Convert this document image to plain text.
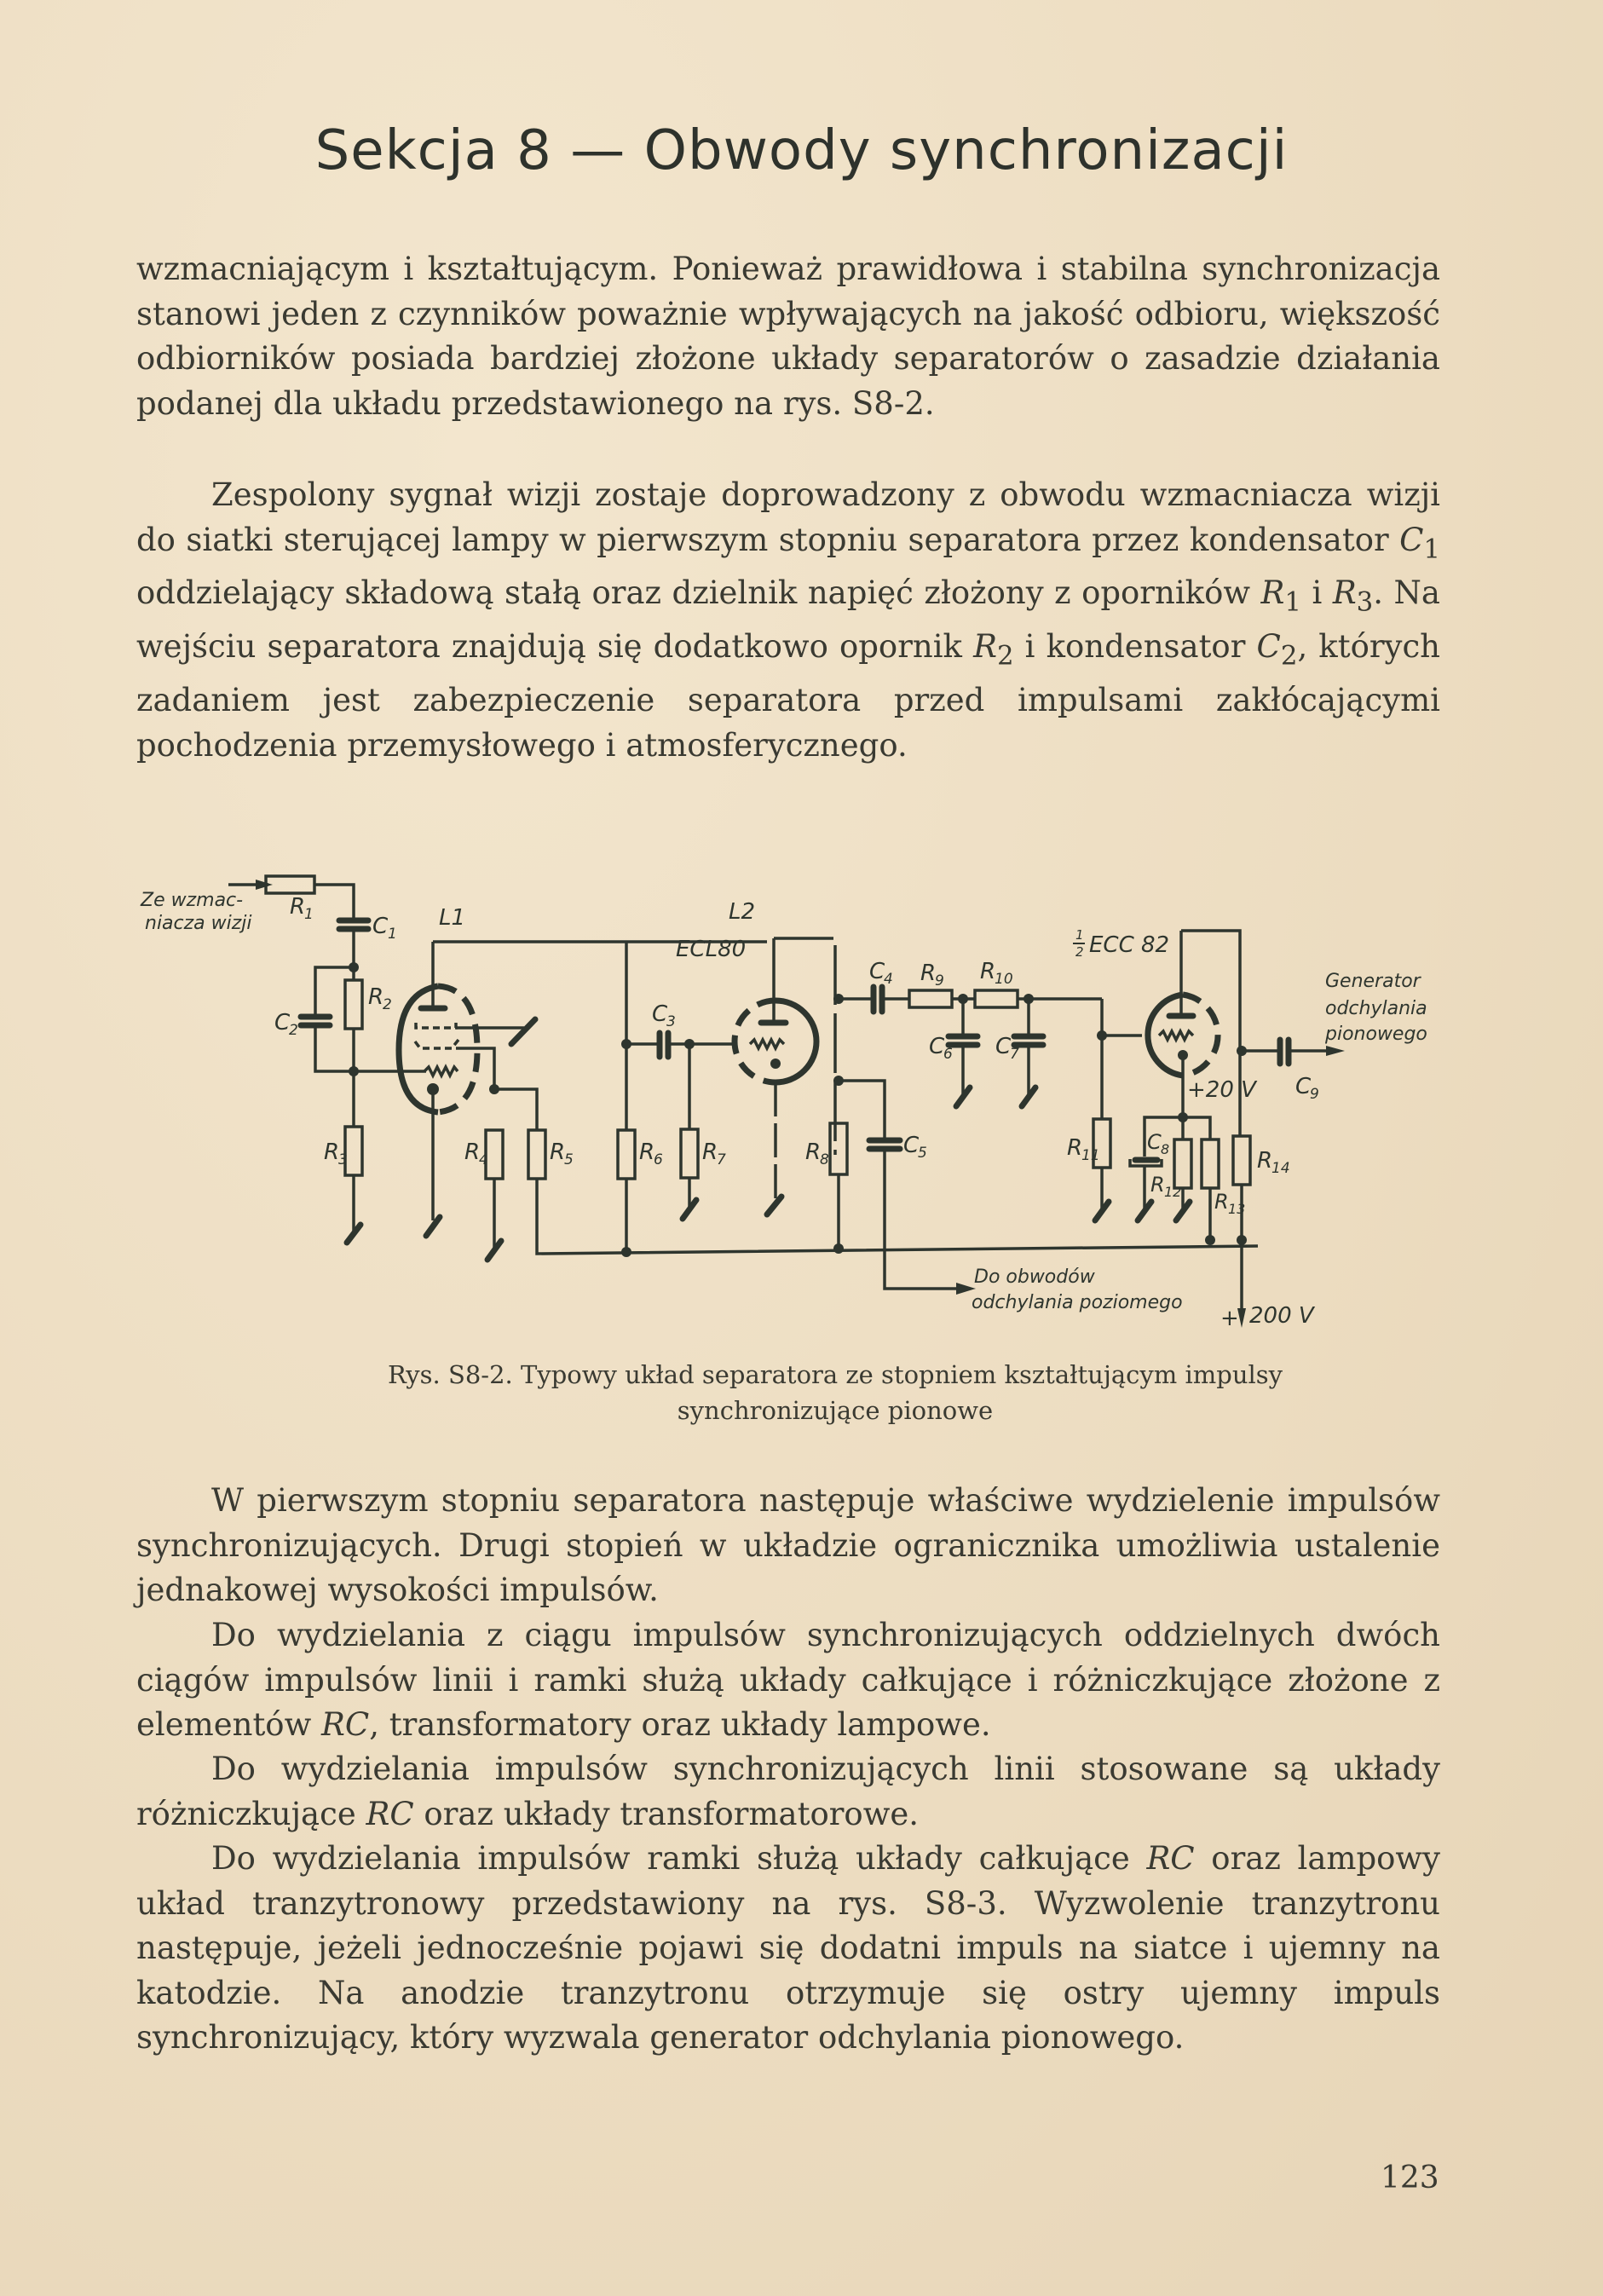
Sekcja 8 — Obwody synchronizacji

wzmacniającym i kształtującym. Ponieważ prawidłowa i stabilna synchronizacja stanowi jeden z czynników poważnie wpływających na jakość odbioru, większość odbiorników posiada bardziej złożone układy separatorów o zasadzie działania podanej dla układu przedstawionego na rys. S8-2.

Zespolony sygnał wizji zostaje doprowadzony z obwodu wzmacniacza wizji do siatki sterującej lampy w pierwszym stopniu separatora przez kondensator $C_1$ oddzielający składową stałą oraz dzielnik napięć złożony z oporników $R_1$ i $R_3$. Na wejściu separatora znajdują się dodatkowo opornik $R_2$ i kondensator $C_2$, których zadaniem jest zabezpieczenie separatora przed impulsami zakłócającymi pochodzenia przemysłowego i atmosferycznego.

Ze wzmac-
niacza wizji
R
1	C 1
L1
R
2
C
2
R
3	R
4	R
5	R
6 R
7
C
3
ECL80
L2
R
8
C
5
C
4 R
9 R
10
C
6 C
7
1
2 ECC 82
R
11
C 8
R 12 R 13
R
14
+20 V C
9
Generator
odchylania
pionowego
Do obwodów
odchylania poziomego
+ 200 V
Rys. S8-2. Typowy układ separatora ze stopniem kształtującym impulsy
synchronizujące pionowe

W pierwszym stopniu separatora następuje właściwe wydzielenie impulsów synchronizujących. Drugi stopień w układzie ogranicznika umożliwia ustalenie jednakowej wysokości impulsów.

Do wydzielania z ciągu impulsów synchronizujących oddzielnych dwóch ciągów impulsów linii i ramki służą układy całkujące i różniczkujące złożone z elementów RC, transformatory oraz układy lampowe.

Do wydzielania impulsów synchronizujących linii stosowane są układy różniczkujące RC oraz układy transformatorowe.

Do wydzielania impulsów ramki służą układy całkujące RC oraz lampowy układ tranzytronowy przedstawiony na rys. S8-3. Wyzwolenie tranzytronu następuje, jeżeli jednocześnie pojawi się dodatni impuls na siatce i ujemny na katodzie. Na anodzie tranzytronu otrzymuje się ostry ujemny impuls synchronizujący, który wyzwala generator odchylania pionowego.

123
